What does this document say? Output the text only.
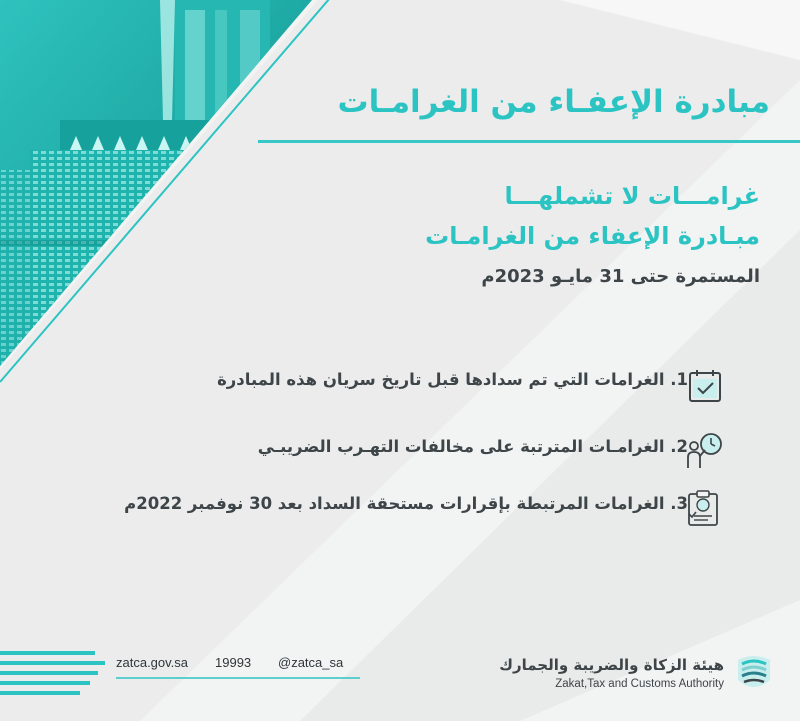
مبادرة الإعفـاء من الغرامـات
غرامـــات لا تشملهـــا
مبـادرة الإعفاء من الغرامـات
المستمرة حتى 31 مايـو 2023م
1. الغرامات التي تم سدادها قبل تاريخ سريان هذه المبادرة
2. الغرامـات المترتبة على مخالفات التهـرب الضريبـي
3. الغرامات المرتبطة بإقرارات مستحقة السداد بعد 30 نوفمبر 2022م
zatca.gov.sa 19993 @zatca_sa	هيئة الزكاة والضريبة والجمارك
Zakat,Tax and Customs Authority
